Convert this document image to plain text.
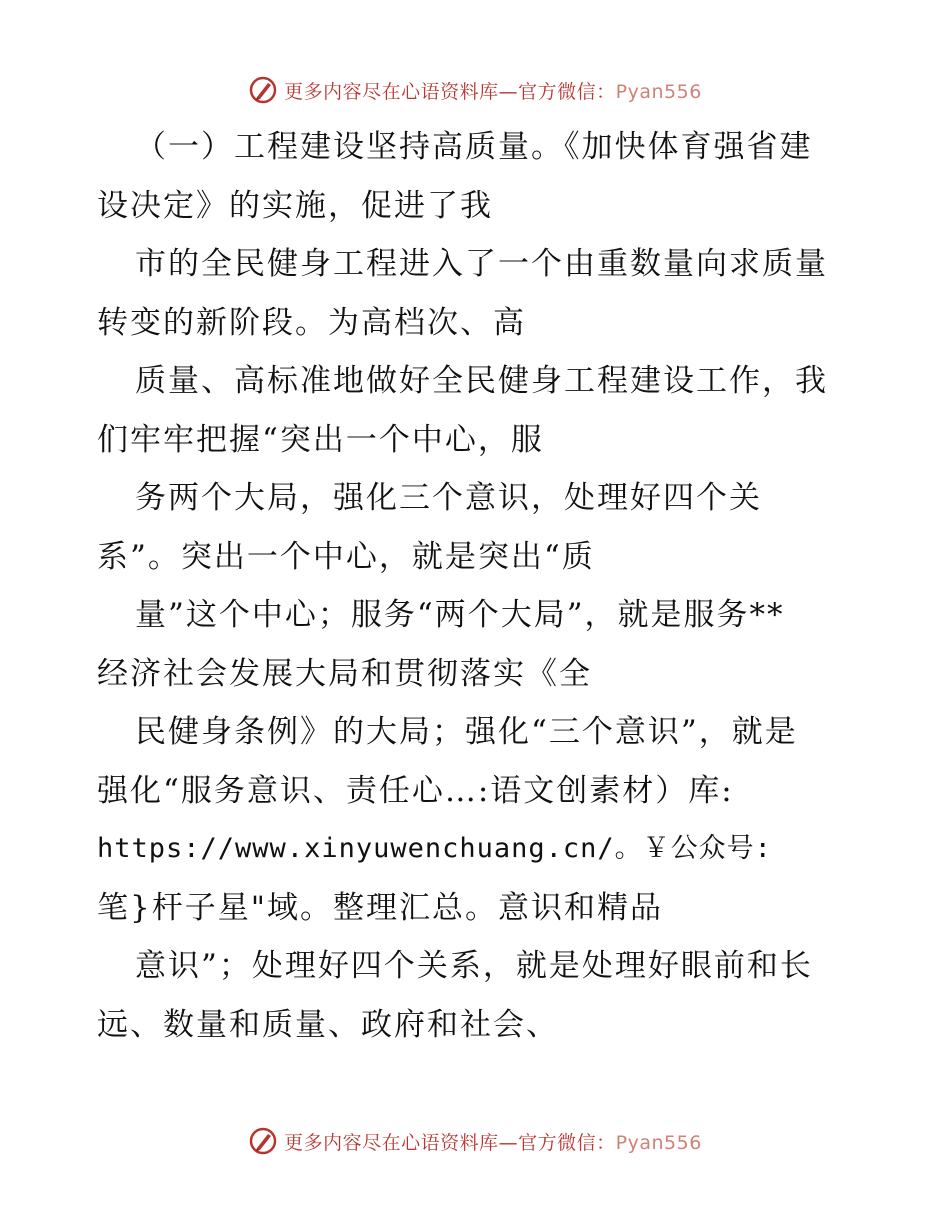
更多内容尽在心语资料库—官方微信：Pyan556
（一）工程建设坚持高质量。《加快体育强省建
设决定》的实施，促进了我
市的全民健身工程进入了一个由重数量向求质量
转变的新阶段。为高档次、高
质量、高标准地做好全民健身工程建设工作，我
们牢牢把握“突出一个中心，服
务两个大局，强化三个意识，处理好四个关
系”。突出一个中心，就是突出“质
量”这个中心；服务“两个大局”，就是服务**
经济社会发展大局和贯彻落实《全
民健身条例》的大局；强化“三个意识”，就是
强化“服务意识、责任心…:语文创素材）库:
https://www.xinyuwenchuang.cn/。￥公众号:
笔}杆子星"域。整理汇总。意识和精品
意识”；处理好四个关系，就是处理好眼前和长
远、数量和质量、政府和社会、
更多内容尽在心语资料库—官方微信：Pyan556
